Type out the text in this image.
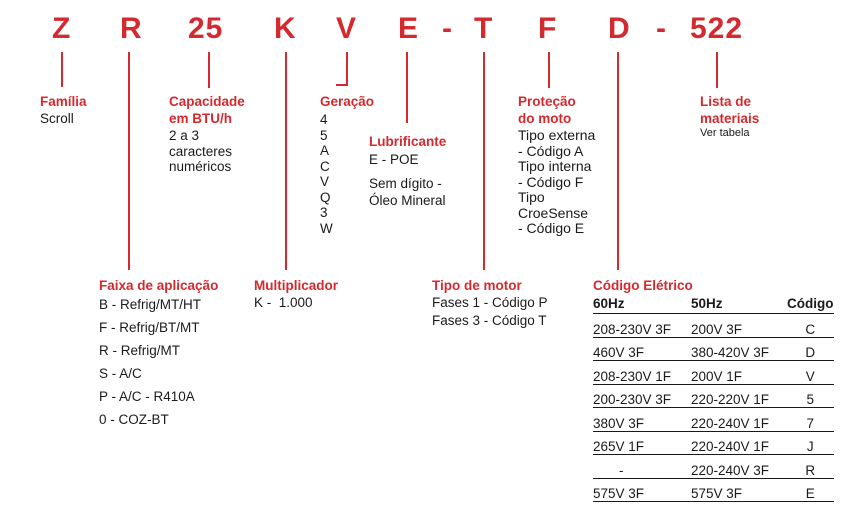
Z R 25 K V E - T F D - 522
Família
Scroll
Capacidade
em BTU/h
2 a 3
caracteres
numéricos
Geração
4
5
A
C
V
Q
3
W
Lubrificante
E - POE
Sem dígito -
Óleo Mineral
Proteção
do moto
Tipo externa
- Código A
Tipo interna
- Código F
Tipo
CroeSense
- Código E
Lista de
materiais
Ver tabela
Faixa de aplicação
B - Refrig/MT/HT
F - Refrig/BT/MT
R - Refrig/MT
S - A/C
P - A/C - R410A
0 - COZ-BT
Multiplicador
K -  1.000
Tipo de motor
Fases 1 - Código P
Fases 3 - Código T
Código Elétrico
60Hz	50Hz	Código
208-230V 3F	200V 3F	C
460V 3F	380-420V 3F	D
208-230V 1F	200V 1F	V
200-230V 3F	220-220V 1F	5
380V 3F	220-240V 1F	7
265V 1F	220-240V 1F	J
-	220-240V 3F	R
575V 3F	575V 3F	E
